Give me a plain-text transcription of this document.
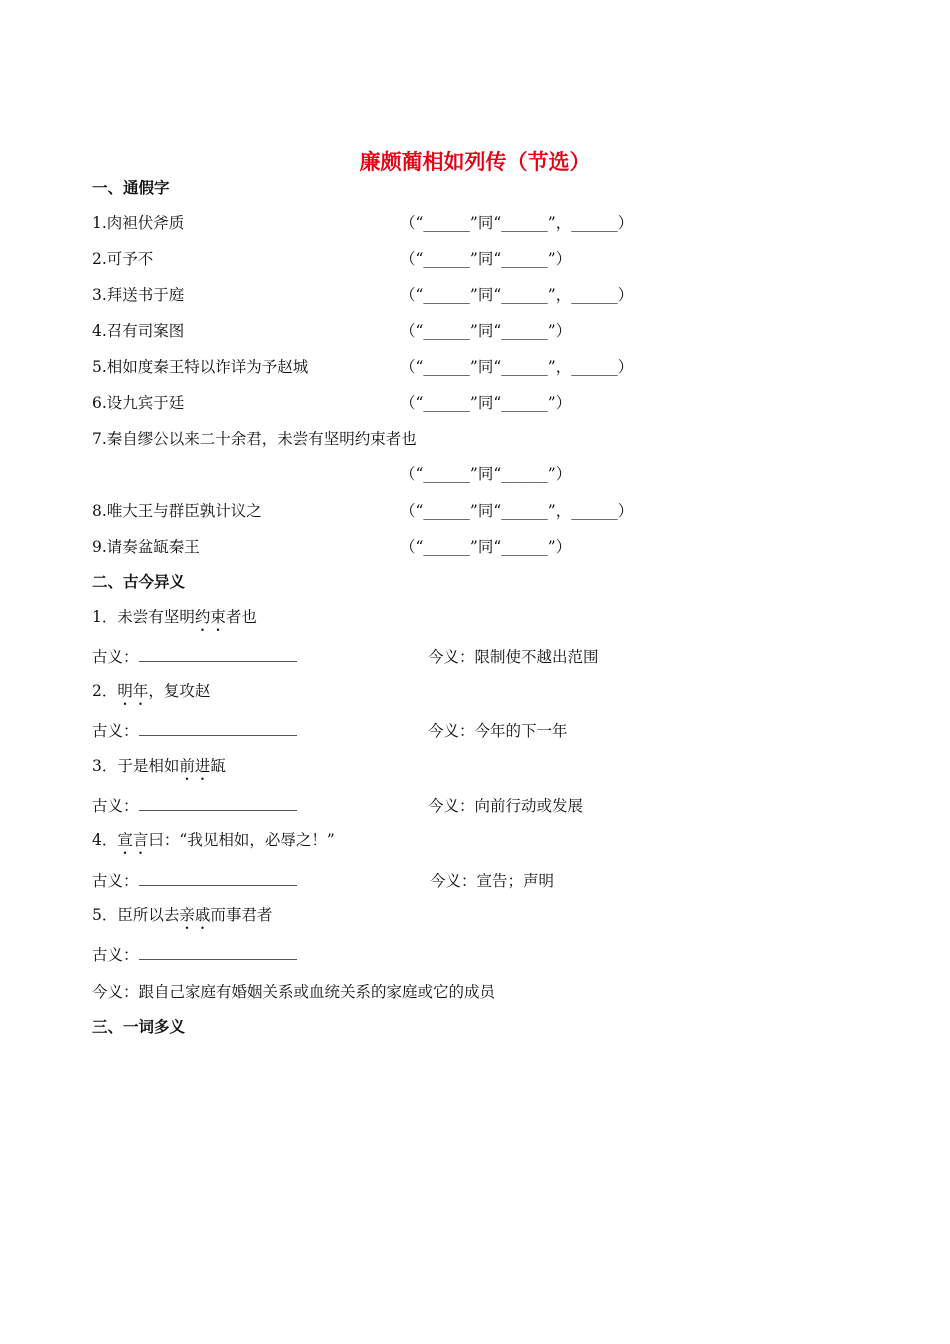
廉颇蔺相如列传（节选）
一、通假字
1.肉袒伏斧质	（“______”同“______”，______）
2.可予不	（“______”同“______”）
3.拜送书于庭	（“______”同“______”，______）
4.召有司案图	（“______”同“______”）
5.相如度秦王特以诈详为予赵城	（“______”同“______”，______）
6.设九宾于廷	（“______”同“______”）
7.秦自缪公以来二十余君，未尝有坚明约束者也
（“______”同“______”）
8.唯大王与群臣孰计议之	（“______”同“______”，______）
9.请奏盆缻秦王	（“______”同“______”）
二、古今异义
1．未尝有坚明约束者也
古义：	今义：限制使不越出范围
2．明年，复攻赵
古义：	今义：今年的下一年
3．于是相如前进缻
古义：	今义：向前行动或发展
4．宣言曰：“我见相如，必辱之！”
古义：	今义：宣告；声明
5．臣所以去亲戚而事君者
古义：
今义：跟自己家庭有婚姻关系或血统关系的家庭或它的成员
三、一词多义
